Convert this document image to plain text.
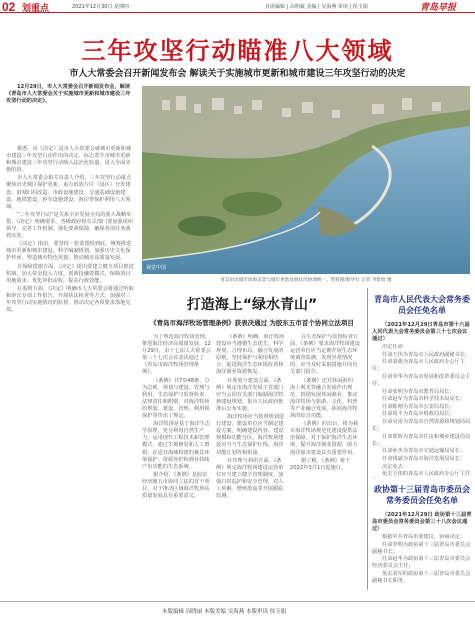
02 划重点	2021年12月30日 星期四	首席编辑 | 高明斌 美编 | 吴海燕 审读 | 侯玉娟	青岛早报
三年攻坚行动瞄准八大领域
市人大常委会召开新闻发布会 解读关于实施城市更新和城市建设三年攻坚行动的决定

12月29日，市人大常委会召开新闻发布会，解读《青岛市人大常委会关于实施城市更新和城市建设三年攻坚行动的决定》。

据悉，该《决定》是市人大常委会就城市更新和城市建设三年攻坚行动作出的决定，标志着全市城市更新和城市建设三年攻坚行动纳入法治化轨道，进入全面实施阶段。

市人大常委会相关负责人介绍，三年攻坚行动重点聚焦历史城区保护更新、重点低效片区（园区）开发建设、旧城旧村改造、市政设施建设、交通基础设施建设、地铁建设、停车设施建设、海岸带保护利用八大领域。

“三年攻坚行动”是关系全市发展全局的重大战略举措，《决定》明确要求，各级政府和有关部门要加强组织领导，完善工作机制，强化要素保障，确保各项任务落到实处。

《决定》指出，要坚持一张蓝图绘到底，统筹推进城市更新和城市建设，科学编制规划，加强历史文化保护传承，塑造城市特色风貌，推动城市高质量发展。

在保障措施方面，《决定》提出要建立健全项目推进机制，加大资金投入力度，创新投融资模式，保障项目用地需求，优化审批流程，提高行政效能。

在监督方面，《决定》明确市人大常委会将通过听取和审议专项工作报告、开展执法检查等方式，加强对三年攻坚行动实施情况的监督，推动决定各项要求落地见效。

视觉中国
青岛沿岸城市滨海美景与城市更新发展状况协调统一。资料图/新华社 记者 李紫恒 摄
打造海上“绿水青山”
《青岛市海洋牧场管理条例》获表决通过 为胶东五市首个协同立法项目

为了规范海洋牧场管理，推进海洋经济高质量发展，12月29日，市十七届人大常委会第三十七次会议表决通过了《青岛市海洋牧场管理条例》。

《条例》共7章48条，分为总则、规划与建设、管理与利用、生态保护与监督检查、法律责任和附则，对海洋牧场的规划、建设、管理、利用和保护等作出了规定。

海洋牧场是基于海洋生态学原理，充分利用自然生产力，运用现代工程技术和管理模式，通过生境修复和人工增殖，在适宜海域构建的兼具环境保护、资源养护和渔业持续产出功能的生态系统。

据介绍，《条例》是胶东经济圈五市协同立法的首个项目，对于推动区域海洋牧场高质量发展具有重要意义。

《条例》明确，海洋牧场建设应当遵循生态优先、科学规划、合理布局、融合发展的原则，坚持保护与利用相结合，促进海洋生态环境改善和海洋渔业资源恢复。

在规划与建设方面，《条例》规定市海洋发展主管部门应当会同有关部门编制海洋牧场建设规划，报市人民政府批准后公布实施。

海洋牧场应当按照规划进行建设，建设单位应当制定建设方案，明确建设内容、建设规模和功能分区。海洋牧场建设应当与生态保护红线、海洋功能区划等相衔接。

在管理与利用方面，《条例》规定海洋牧场建设运营单位应当建立健全管理制度，加强日常巡护和安全管理，对人工鱼礁、增殖放流等开展跟踪监测。

在生态保护与监督检查方面，《条例》要求海洋牧场建设运营单位应当定期开展生态环境调查监测，发现异常情况的，应当及时采取措施并向有关部门报告。

《条例》还对休闲海钓、海上观光等融合发展作出规范，鼓励发展休闲渔业，推动海洋牧场与旅游、文化、科普等产业融合发展，拓展海洋牧场的综合功能。

《条例》的出台，将为我市海洋牧场规范化建设提供法治保障，对于保护海洋生态环境，提升海洋渔业资源，助力海洋强市建设具有重要作用。

据了解，《条例》将于2022年3月1日起施行。

青岛市人民代表大会常务委员会任免名单
（2021年12月29日青岛市第十六届人民代表大会常务委员会第三十七次会议通过）

决定任命：

任命王伟为青岛市人民政府副秘书长；

任命刘强为青岛市人民政府办公厅主任；

任命李华为青岛市发展和改革委员会主任；

任命张明为青岛市教育局局长；

任命赵军为青岛市科学技术局局长；

任命陈刚为青岛市公安局局长；

任命周平为青岛市财政局局长；

任命吴涛为青岛市自然资源和规划局局长；

任命郑辉为青岛市住房和城乡建设局局长；

任命孙杰为青岛市交通运输局局长；

任命钱斌为青岛市海洋发展局局长；

决定免去：

免去王伟的青岛市人民政府办公厅主任

政协第十三届青岛市委员会常务委员会任免名单
（2021年12月29日 政协第十三届青岛市委员会常务委员会第三十八次会议通过）

根据中共青岛市委建议，协商决定：

任命李明为政协第十三届青岛市委员会副秘书长；

任命赵华为政协第十三届青岛市委员会经济委员会主任；

免去刘军的政协第十三届青岛市委员会副秘书长职务。

本版编辑 周晓丽 本版美编 吴海燕 本版审读 侯玉娟
